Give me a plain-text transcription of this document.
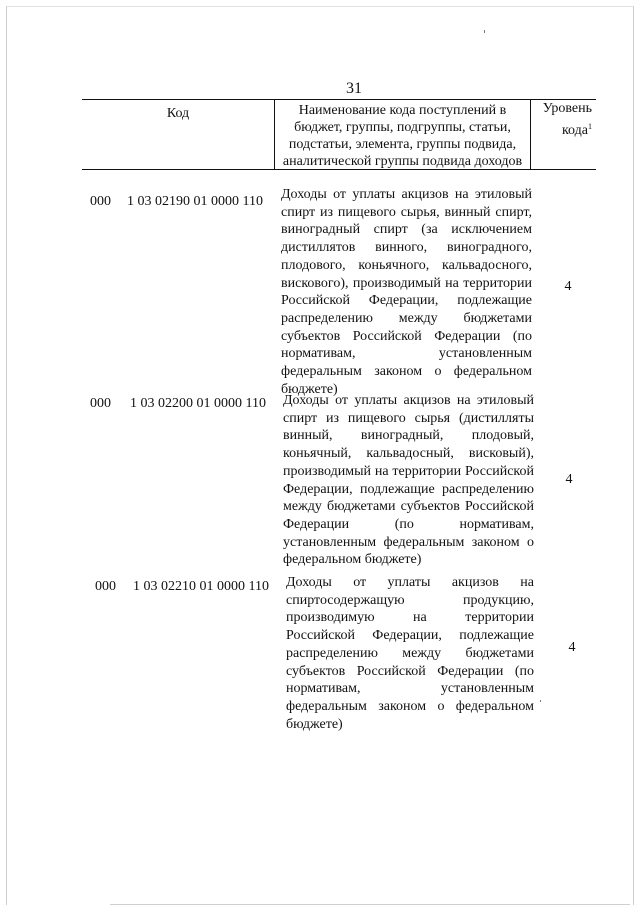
31
Код	Наименование кода поступлений в бюджет, группы, подгруппы, статьи, подстатьи, элемента, группы подвида, аналитической группы подвида доходов
Уровень кода$^1$
000 1 03 02190 01 0000 110 Доходы от уплаты акцизов на этиловый спирт из пищевого сырья, винный спирт, виноградный спирт (за исключением дистиллятов винного, виноградного, плодового, коньячного, кальвадосного, вискового), производимый на территории Российской Федерации, подлежащие распределению между бюджетами субъектов Российской Федерации (по нормативам, установленным федеральным законом о федеральном бюджете)
4
000 1 03 02200 01 0000 110 Доходы от уплаты акцизов на этиловый спирт из пищевого сырья (дистилляты винный, виноградный, плодовый, коньячный, кальвадосный, висковый), производимый на территории Российской Федерации, подлежащие распределению между бюджетами субъектов Российской Федерации (по нормативам, установленным федеральным законом о федеральном бюджете)
4
000 1 03 02210 01 0000 110 Доходы от уплаты акцизов на спиртосодержащую продукцию, производимую на территории Российской Федерации, подлежащие распределению между бюджетами субъектов Российской Федерации (по нормативам, установленным федеральным законом о федеральном бюджете)
4
